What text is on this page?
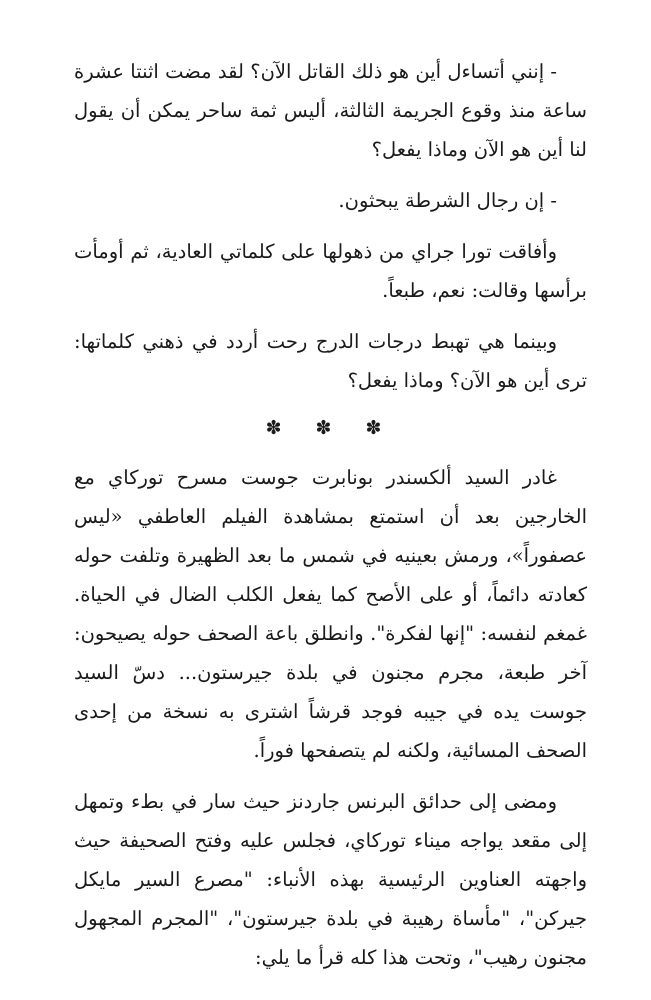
- إنني أتساءل أين هو ذلك القاتل الآن؟ لقد مضت اثنتا عشرة ساعة منذ وقوع الجريمة الثالثة، أليس ثمة ساحر يمكن أن يقول لنا أين هو الآن وماذا يفعل؟

- إن رجال الشرطة يبحثون.

وأفاقت تورا جراي من ذهولها على كلماتي العادية، ثم أومأت برأسها وقالت: نعم، طبعاً.

وبينما هي تهبط درجات الدرج رحت أردد في ذهني كلماتها: ترى أين هو الآن؟ وماذا يفعل؟

✽ ✽ ✽

غادر السيد ألكسندر بونابرت جوست مسرح توركاي مع الخارجين بعد أن استمتع بمشاهدة الفيلم العاطفي «ليس عصفوراً»، ورمش بعينيه في شمس ما بعد الظهيرة وتلفت حوله كعادته دائماً، أو على الأصح كما يفعل الكلب الضال في الحياة. غمغم لنفسه: "إنها لفكرة". وانطلق باعة الصحف حوله يصيحون: آخر طبعة، مجرم مجنون في بلدة جيرستون... دسّ السيد جوست يده في جيبه فوجد قرشاً اشترى به نسخة من إحدى الصحف المسائية، ولكنه لم يتصفحها فوراً.

ومضى إلى حدائق البرنس جاردنز حيث سار في بطء وتمهل إلى مقعد يواجه ميناء توركاي، فجلس عليه وفتح الصحيفة حيث واجهته العناوين الرئيسية بهذه الأنباء: "مصرع السير مايكل جيركن"، "مأساة رهيبة في بلدة جيرستون"، "المجرم المجهول مجنون رهيب"، وتحت هذا كله قرأ ما يلي:
